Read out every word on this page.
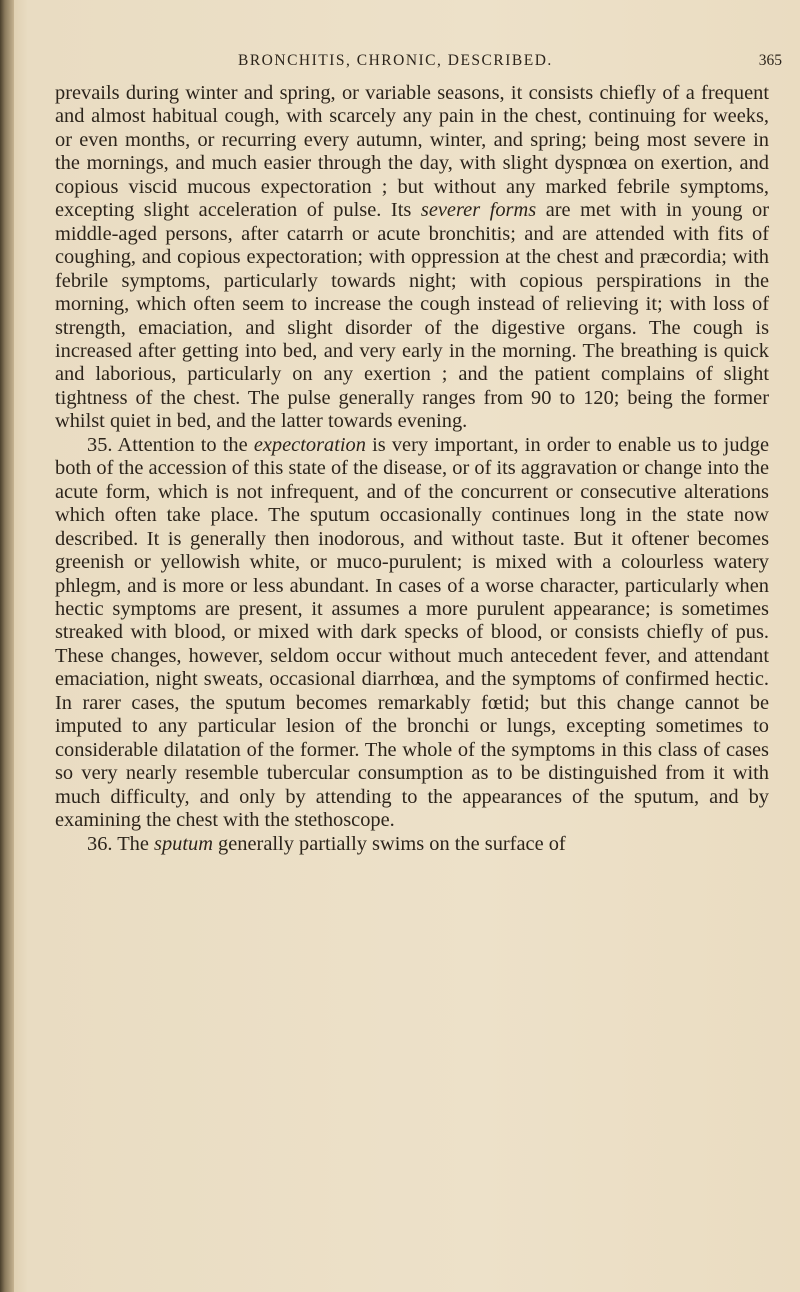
BRONCHITIS, CHRONIC, DESCRIBED.	365

prevails during winter and spring, or variable seasons, it consists chiefly of a frequent and almost habitual cough, with scarcely any pain in the chest, continuing for weeks, or even months, or recurring every autumn, winter, and spring; being most severe in the mornings, and much easier through the day, with slight dyspnœa on exertion, and copious viscid mucous expectoration ; but without any marked febrile symptoms, excepting slight acceleration of pulse. Its severer forms are met with in young or middle-aged persons, after catarrh or acute bronchitis; and are attended with fits of coughing, and copious expectoration; with oppression at the chest and præcordia; with febrile symptoms, particularly towards night; with copious perspirations in the morning, which often seem to increase the cough instead of relieving it; with loss of strength, emaciation, and slight disorder of the digestive organs. The cough is increased after getting into bed, and very early in the morning. The breathing is quick and laborious, particularly on any exertion ; and the patient complains of slight tightness of the chest. The pulse generally ranges from 90 to 120; being the former whilst quiet in bed, and the latter towards evening.

35. Attention to the expectoration is very important, in order to enable us to judge both of the accession of this state of the disease, or of its aggravation or change into the acute form, which is not infrequent, and of the concurrent or consecutive alterations which often take place. The sputum occasionally continues long in the state now described. It is generally then inodorous, and without taste. But it oftener becomes greenish or yellowish white, or muco-purulent; is mixed with a colourless watery phlegm, and is more or less abundant. In cases of a worse character, particularly when hectic symptoms are present, it assumes a more purulent appearance; is sometimes streaked with blood, or mixed with dark specks of blood, or consists chiefly of pus. These changes, however, seldom occur without much antecedent fever, and attendant emaciation, night sweats, occasional diarrhœa, and the symptoms of confirmed hectic. In rarer cases, the sputum becomes remarkably fœtid; but this change cannot be imputed to any particular lesion of the bronchi or lungs, excepting sometimes to considerable dilatation of the former. The whole of the symptoms in this class of cases so very nearly resemble tubercular consumption as to be distinguished from it with much difficulty, and only by attending to the appearances of the sputum, and by examining the chest with the stethoscope.

36. The sputum generally partially swims on the surface of
